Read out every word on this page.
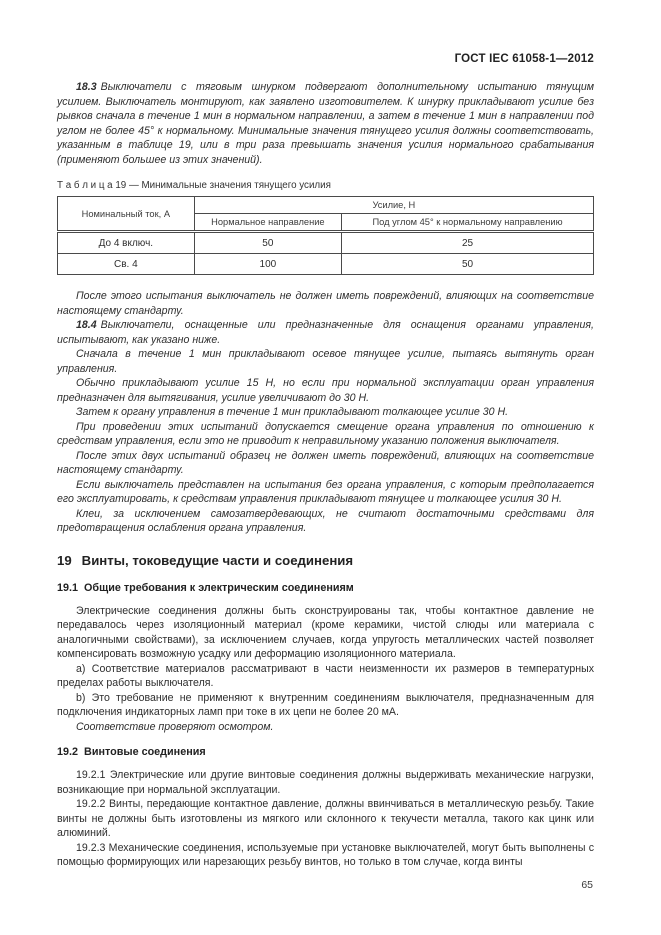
ГОСТ IEC 61058-1—2012

18.3 Выключатели с тяговым шнурком подвергают дополнительному испытанию тянущим усилием. Выключатель монтируют, как заявлено изготовителем. К шнурку прикладывают усилие без рывков сначала в течение 1 мин в нормальном направлении, а затем в течение 1 мин в направлении под углом не более 45° к нормальному. Минимальные значения тянущего усилия должны соответствовать, указанным в таблице 19, или в три раза превышать значения усилия нормального срабатывания (применяют большее из этих значений).

Т а б л и ц а 19 — Минимальные значения тянущего усилия

Номинальный ток, А	Усилие, Н	
	Нормальное направление	Под углом 45° к нормальному направлению
До 4 включ.	50	25
Св. 4	100	50

После этого испытания выключатель не должен иметь повреждений, влияющих на соответствие настоящему стандарту.

18.4 Выключатели, оснащенные или предназначенные для оснащения органами управления, испытывают, как указано ниже.

Сначала в течение 1 мин прикладывают осевое тянущее усилие, пытаясь вытянуть орган управления.

Обычно прикладывают усилие 15 Н, но если при нормальной эксплуатации орган управления предназначен для вытягивания, усилие увеличивают до 30 Н.

Затем к органу управления в течение 1 мин прикладывают толкающее усилие 30 Н.

При проведении этих испытаний допускается смещение органа управления по отношению к средствам управления, если это не приводит к неправильному указанию положения выключателя.

После этих двух испытаний образец не должен иметь повреждений, влияющих на соответствие настоящему стандарту.

Если выключатель представлен на испытания без органа управления, с которым предполагается его эксплуатировать, к средствам управления прикладывают тянущее и толкающее усилия 30 Н.

Клеи, за исключением самозатвердевающих, не считают достаточными средствами для предотвращения ослабления органа управления.

19 Винты, токоведущие части и соединения
19.1 Общие требования к электрическим соединениям

Электрические соединения должны быть сконструированы так, чтобы контактное давление не передавалось через изоляционный материал (кроме керамики, чистой слюды или материала с аналогичными свойствами), за исключением случаев, когда упругость металлических частей позволяет компенсировать возможную усадку или деформацию изоляционного материала.

а) Соответствие материалов рассматривают в части неизменности их размеров в температурных пределах работы выключателя.

b) Это требование не применяют к внутренним соединениям выключателя, предназначенным для подключения индикаторных ламп при токе в их цепи не более 20 мА.

Соответствие проверяют осмотром.

19.2 Винтовые соединения

19.2.1 Электрические или другие винтовые соединения должны выдерживать механические нагрузки, возникающие при нормальной эксплуатации.

19.2.2 Винты, передающие контактное давление, должны ввинчиваться в металлическую резьбу. Такие винты не должны быть изготовлены из мягкого или склонного к текучести металла, такого как цинк или алюминий.

19.2.3 Механические соединения, используемые при установке выключателей, могут быть выполнены с помощью формирующих или нарезающих резьбу винтов, но только в том случае, когда винты

65
